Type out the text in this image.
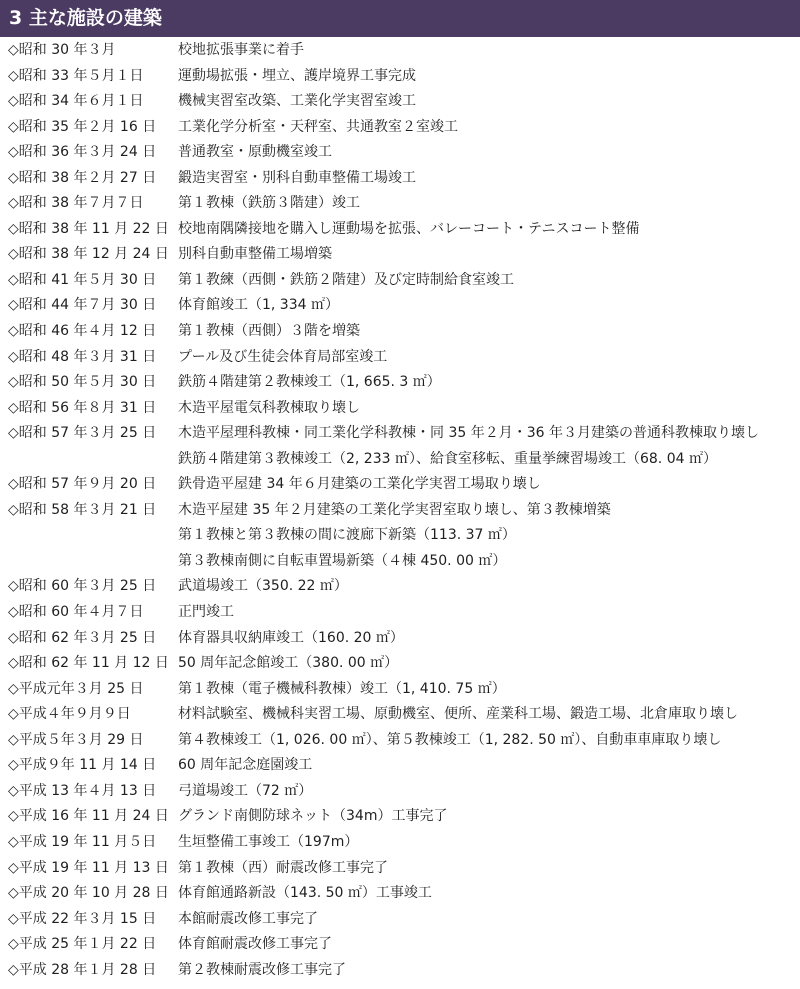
3 主な施設の建築
◇昭和 30 年３月	校地拡張事業に着手
◇昭和 33 年５月１日 運動場拡張・埋立、護岸境界工事完成
◇昭和 34 年６月１日 機械実習室改築、工業化学実習室竣工
◇昭和 35 年２月 16 日 工業化学分析室・天秤室、共通教室２室竣工
◇昭和 36 年３月 24 日 普通教室・原動機室竣工
◇昭和 38 年２月 27 日 鍛造実習室・別科自動車整備工場竣工
◇昭和 38 年７月７日 第１教棟（鉄筋３階建）竣工
◇昭和 38 年 11 月 22 日 校地南隅隣接地を購入し運動場を拡張、バレーコート・テニスコート整備
◇昭和 38 年 12 月 24 日 別科自動車整備工場増築
◇昭和 41 年５月 30 日 第１教練（西側・鉄筋２階建）及び定時制給食室竣工
◇昭和 44 年７月 30 日 体育館竣工（1, 334 ㎡）
◇昭和 46 年４月 12 日 第１教棟（西側）３階を増築
◇昭和 48 年３月 31 日 プール及び生徒会体育局部室竣工
◇昭和 50 年５月 30 日 鉄筋４階建第２教棟竣工（1, 665. 3 ㎡）
◇昭和 56 年８月 31 日 木造平屋電気科教棟取り壊し
◇昭和 57 年３月 25 日 木造平屋理科教棟・同工業化学科教棟・同 35 年２月・36 年３月建築の普通科教棟取り壊し
鉄筋４階建第３教棟竣工（2, 233 ㎡）、給食室移転、重量挙練習場竣工（68. 04 ㎡）
◇昭和 57 年９月 20 日 鉄骨造平屋建 34 年６月建築の工業化学実習工場取り壊し
◇昭和 58 年３月 21 日 木造平屋建 35 年２月建築の工業化学実習室取り壊し、第３教棟増築
第１教棟と第３教棟の間に渡廊下新築（113. 37 ㎡）
第３教棟南側に自転車置場新築（４棟 450. 00 ㎡）
◇昭和 60 年３月 25 日 武道場竣工（350. 22 ㎡）
◇昭和 60 年４月７日 正門竣工
◇昭和 62 年３月 25 日 体育器具収納庫竣工（160. 20 ㎡）
◇昭和 62 年 11 月 12 日 50 周年記念館竣工（380. 00 ㎡）
◇平成元年３月 25 日 第１教棟（電子機械科教棟）竣工（1, 410. 75 ㎡）
◇平成４年９月９日	材料試験室、機械科実習工場、原動機室、便所、産業科工場、鍛造工場、北倉庫取り壊し
◇平成５年３月 29 日 第４教棟竣工（1, 026. 00 ㎡）、第５教棟竣工（1, 282. 50 ㎡）、自動車車庫取り壊し
◇平成９年 11 月 14 日 60 周年記念庭園竣工
◇平成 13 年４月 13 日 弓道場竣工（72 ㎡）
◇平成 16 年 11 月 24 日 グランド南側防球ネット（34m）工事完了
◇平成 19 年 11 月５日 生垣整備工事竣工（197m）
◇平成 19 年 11 月 13 日 第１教棟（西）耐震改修工事完了
◇平成 20 年 10 月 28 日 体育館通路新設（143. 50 ㎡）工事竣工
◇平成 22 年３月 15 日 本館耐震改修工事完了
◇平成 25 年１月 22 日 体育館耐震改修工事完了
◇平成 28 年１月 28 日 第２教棟耐震改修工事完了
